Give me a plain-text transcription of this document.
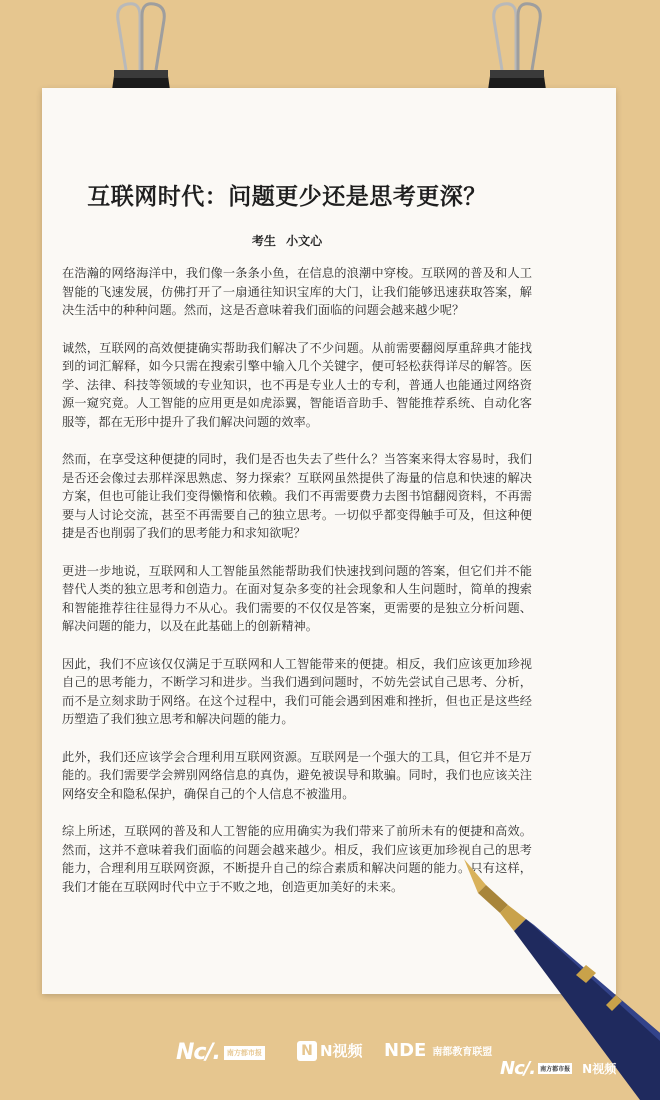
互联网时代：问题更少还是思考更深？
考生 小文心

在浩瀚的网络海洋中，我们像一条条小鱼，在信息的浪潮中穿梭。互联网的普及和人工智能的飞速发展，仿佛打开了一扇通往知识宝库的大门，让我们能够迅速获取答案，解决生活中的种种问题。然而，这是否意味着我们面临的问题会越来越少呢？

诚然，互联网的高效便捷确实帮助我们解决了不少问题。从前需要翻阅厚重辞典才能找到的词汇解释，如今只需在搜索引擎中输入几个关键字，便可轻松获得详尽的解答。医学、法律、科技等领域的专业知识，也不再是专业人士的专利，普通人也能通过网络资源一窥究竟。人工智能的应用更是如虎添翼，智能语音助手、智能推荐系统、自动化客服等，都在无形中提升了我们解决问题的效率。

然而，在享受这种便捷的同时，我们是否也失去了些什么？当答案来得太容易时，我们是否还会像过去那样深思熟虑、努力探索？互联网虽然提供了海量的信息和快速的解决方案，但也可能让我们变得懒惰和依赖。我们不再需要费力去图书馆翻阅资料，不再需要与人讨论交流，甚至不再需要自己的独立思考。一切似乎都变得触手可及，但这种便捷是否也削弱了我们的思考能力和求知欲呢？

更进一步地说，互联网和人工智能虽然能帮助我们快速找到问题的答案，但它们并不能替代人类的独立思考和创造力。在面对复杂多变的社会现象和人生问题时，简单的搜索和智能推荐往往显得力不从心。我们需要的不仅仅是答案，更需要的是独立分析问题、解决问题的能力，以及在此基础上的创新精神。

因此，我们不应该仅仅满足于互联网和人工智能带来的便捷。相反，我们应该更加珍视自己的思考能力，不断学习和进步。当我们遇到问题时，不妨先尝试自己思考、分析，而不是立刻求助于网络。在这个过程中，我们可能会遇到困难和挫折，但也正是这些经历塑造了我们独立思考和解决问题的能力。

此外，我们还应该学会合理利用互联网资源。互联网是一个强大的工具，但它并不是万能的。我们需要学会辨别网络信息的真伪，避免被误导和欺骗。同时，我们也应该关注网络安全和隐私保护，确保自己的个人信息不被滥用。

综上所述，互联网的普及和人工智能的应用确实为我们带来了前所未有的便捷和高效。然而，这并不意味着我们面临的问题会越来越少。相反，我们应该更加珍视自己的思考能力，合理利用互联网资源，不断提升自己的综合素质和解决问题的能力。只有这样，我们才能在互联网时代中立于不败之地，创造更加美好的未来。

Nс/.	南方都市报	N N视频 NDE 南都教育联盟
Nс/. 南方都市报 N视频
